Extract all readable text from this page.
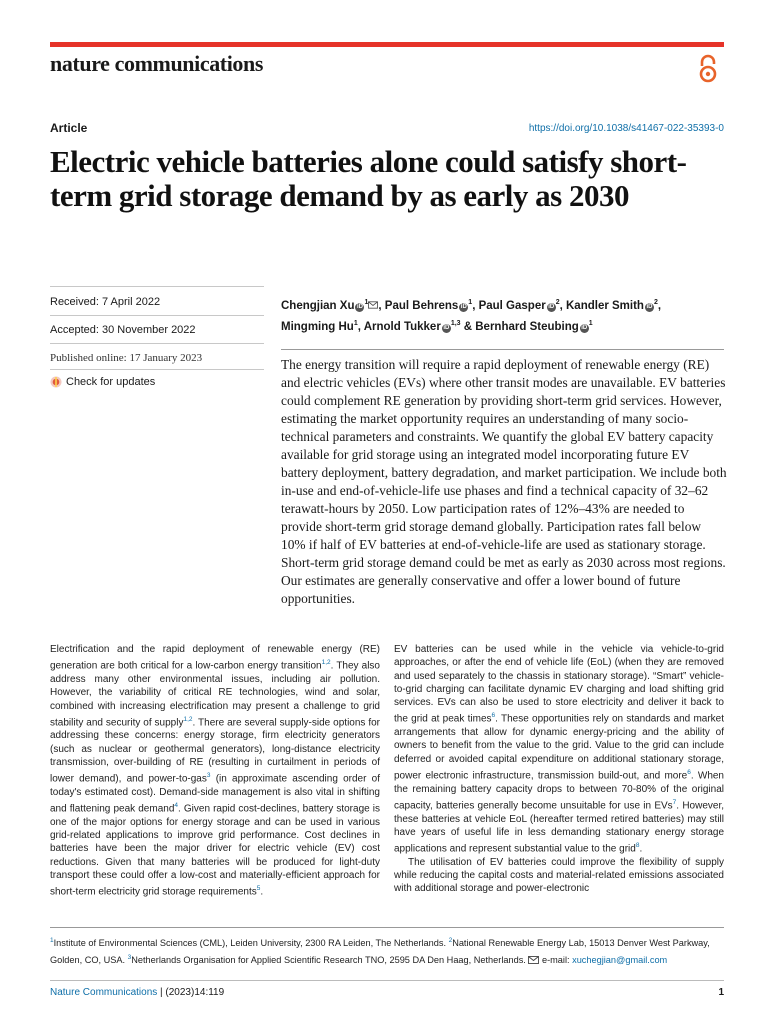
nature communications
Article	https://doi.org/10.1038/s41467-022-35393-0
Electric vehicle batteries alone could satisfy short-term grid storage demand by as early as 2030
Received: 7 April 2022
Accepted: 30 November 2022
Published online: 17 January 2023
Check for updates
Chengjian Xu $iD^1$ , Paul Behrens $iD^1$, Paul Gasper $iD^2$, Kandler Smith $iD^2$,
Mingming Hu$^1$, Arnold Tukker iD$^{1,3}$ & Bernhard Steubing $iD^1$

The energy transition will require a rapid deployment of renewable energy (RE) and electric vehicles (EVs) where other transit modes are unavailable. EV batteries could complement RE generation by providing short-term grid services. However, estimating the market opportunity requires an understanding of many socio-technical parameters and constraints. We quantify the global EV battery capacity available for grid storage using an integrated model incorporating future EV battery deployment, battery degradation, and market participation. We include both in-use and end-of-vehicle-life use phases and find a technical capacity of 32–62 terawatt-hours by 2050. Low participation rates of 12%–43% are needed to provide short-term grid storage demand globally. Participation rates fall below 10% if half of EV batteries at end-of-vehicle-life are used as stationary storage. Short-term grid storage demand could be met as early as 2030 across most regions. Our estimates are generally conservative and offer a lower bound of future opportunities.

Electrification and the rapid deployment of renewable energy (RE) generation are both critical for a low-carbon energy transition$^{1,2}$. They also address many other environmental issues, including air pollution. However, the variability of critical RE technologies, wind and solar, combined with increasing electrification may present a challenge to grid stability and security of supply$^{1,2}$. There are several supply-side options for addressing these concerns: energy storage, firm electricity generators (such as nuclear or geothermal generators), long-distance electricity transmission, over-building of RE (resulting in curtailment in periods of lower demand), and power-to-gas$^3$ (in approximate ascending order of today's estimated cost). Demand-side management is also vital in shifting and flattening peak demand$^4$. Given rapid cost-declines, battery storage is one of the major options for energy storage and can be used in various grid-related applications to improve grid performance. Cost declines in batteries have been the major driver for electric vehicle (EV) cost reductions. Given that many batteries will be produced for light-duty transport these could offer a low-cost and materially-efficient approach for short-term electricity grid storage requirements$^5$.

EV batteries can be used while in the vehicle via vehicle-to-grid approaches, or after the end of vehicle life (EoL) (when they are removed and used separately to the chassis in stationary storage). “Smart” vehicle-to-grid charging can facilitate dynamic EV charging and load shifting grid services. EVs can also be used to store electricity and deliver it back to the grid at peak times$^6$. These opportunities rely on standards and market arrangements that allow for dynamic energy-pricing and the ability of owners to benefit from the value to the grid. Value to the grid can include deferred or avoided capital expenditure on additional stationary storage, power electronic infrastructure, transmission build-out, and more$^6$. When the remaining battery capacity drops to between 70-80% of the original capacity, batteries generally become unsuitable for use in EVs$^7$. However, these batteries at vehicle EoL (hereafter termed retired batteries) may still have years of useful life in less demanding stationary energy storage applications and represent substantial value to the grid$^8$.

The utilisation of EV batteries could improve the flexibility of supply while reducing the capital costs and material-related emissions associated with additional storage and power-electronic

$^1$Institute of Environmental Sciences (CML), Leiden University, 2300 RA Leiden, The Netherlands. $^2$National Renewable Energy Lab, 15013 Denver West Parkway, Golden, CO, USA. $^3$Netherlands Organisation for Applied Scientific Research TNO, 2595 DA Den Haag, Netherlands.  e-mail: xuchegjian@gmail.com
Nature Communications | (2023)14:119	1
